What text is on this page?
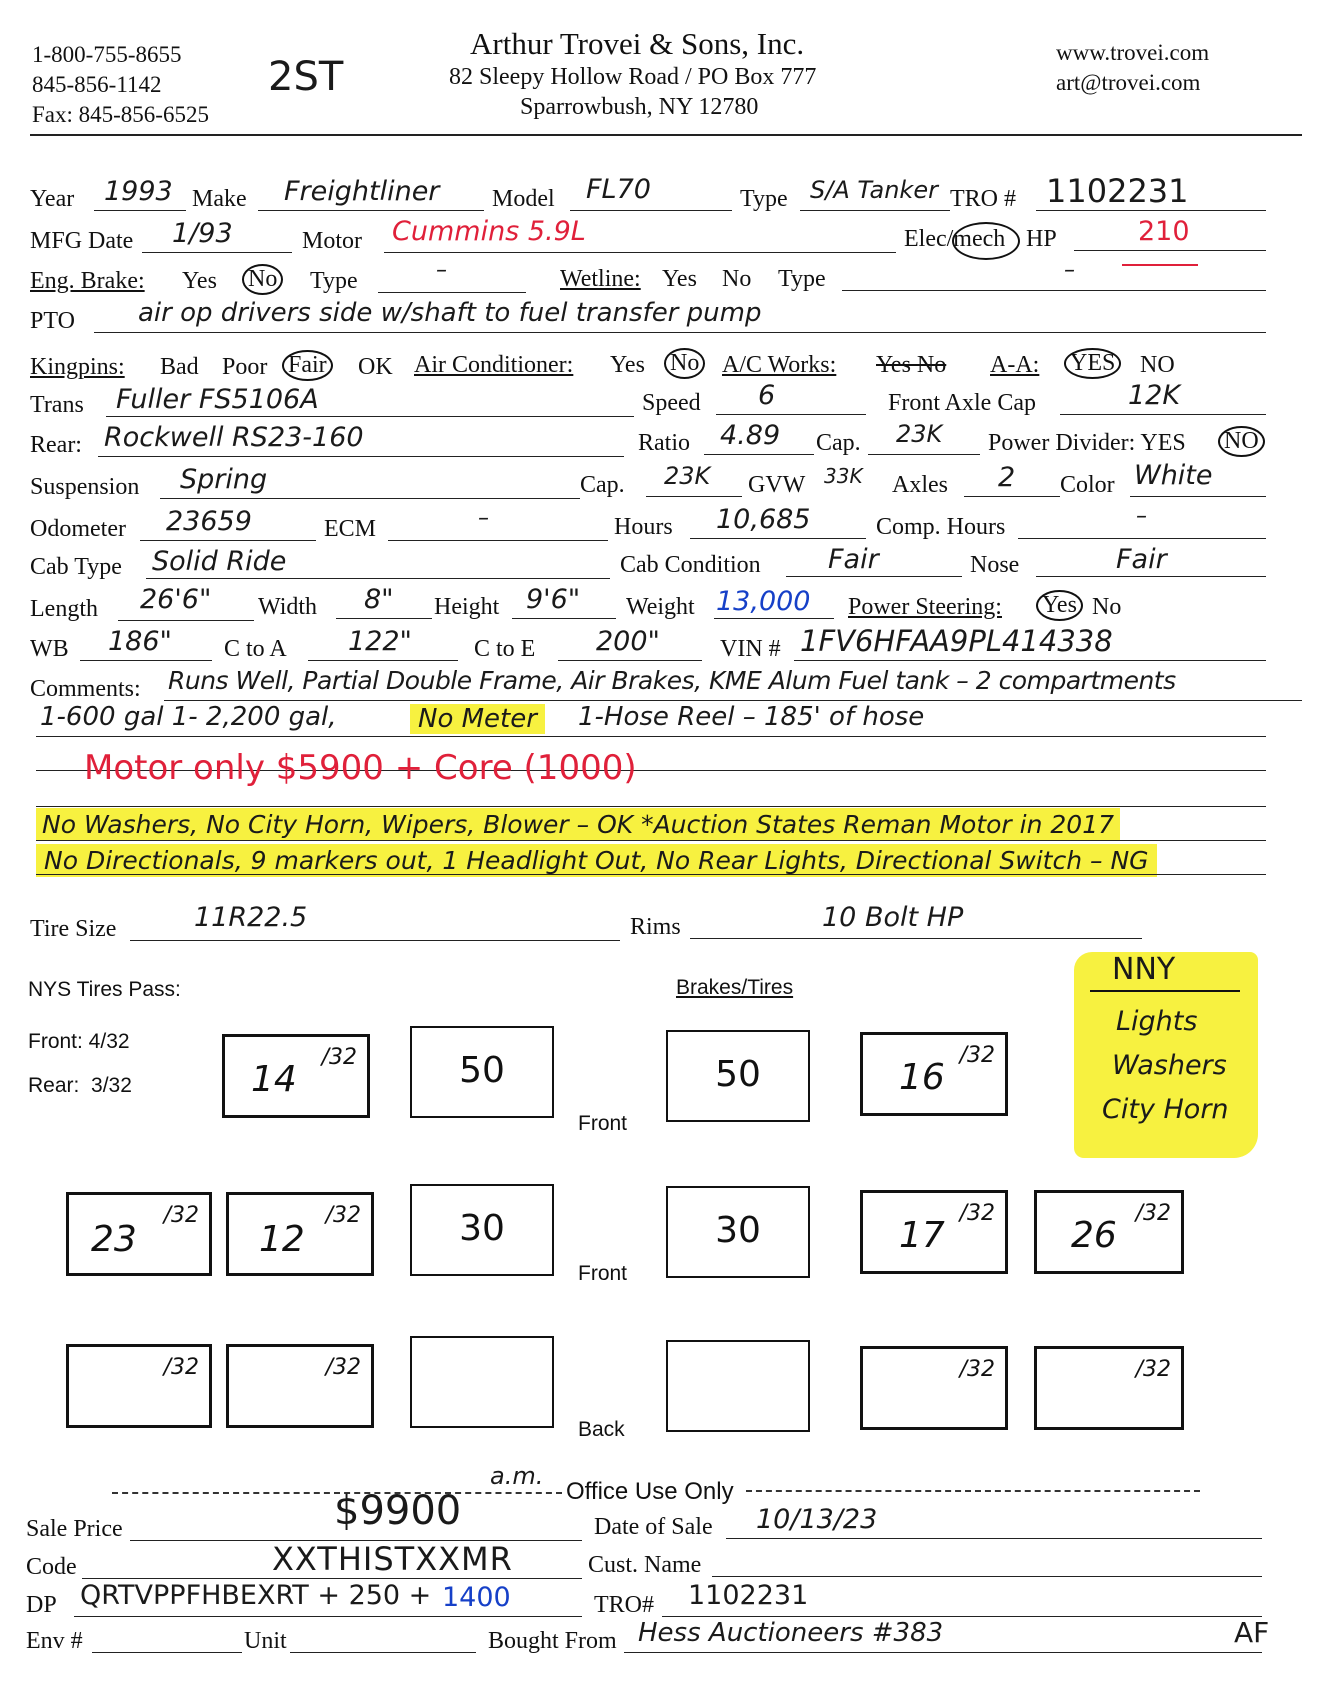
1-800-755-8655
845-856-1142
Fax: 845-856-6525
2ST
Arthur Trovei & Sons, Inc.
82 Sleepy Hollow Road / PO Box 777
Sparrowbush, NY 12780
www.trovei.com
art@trovei.com
Year 1993 Make Freightliner Model FL70	Type S/A Tanker TRO # 1102231
MFG Date 1/93	Motor Cummins 5.9L	Elec/mech HP	210
–
Eng. Brake: Yes No Type	–	Wetline: Yes No Type
PTO air op drivers side w/shaft to fuel transfer pump
Kingpins: Bad Poor Fair OK Air Conditioner: Yes No A/C Works: Yes No A-A: YES NO
Trans Fuller FS5106A	Speed 6	Front Axle Cap	12K
Rear: Rockwell RS23-160	Ratio 4.89 Cap. 23K Power Divider: YES NO
Suspension Spring	Cap. 23K GVW 33K Axles 2 Color White
Odometer 23659	ECM	–	Hours 10,685	Comp. Hours	–
Cab Type Solid Ride	Cab Condition Fair	Nose	Fair
Length 26'6" Width 8" Height 9'6" Weight 13,000 Power Steering: Yes No
WB 186" C to A 122"	C to E 200"	VIN # 1FV6HFAA9PL414338
Comments: Runs Well, Partial Double Frame, Air Brakes, KME Alum Fuel tank – 2 compartments
1-600 gal 1- 2,200 gal,	No Meter	1-Hose Reel – 185' of hose
Motor only $5900 + Core (1000)
No Washers, No City Horn, Wipers, Blower – OK *Auction States Reman Motor in 2017
No Directionals, 9 markers out, 1 Headlight Out, No Rear Lights, Directional Switch – NG
Tire Size	11R22.5	Rims	10 Bolt HP
NYS Tires Pass:
Front: 4/32
Rear:  3/32
Brakes/Tires
NNY
Lights
Washers
City Horn
/32
14	50	50	/32
16
Front
/32
23
/32
12	30	30	/32
17
/32
26
Front
/32	/32	/32	/32
Back
Office Use Only
a.m.
Sale Price	$9900	Date of Sale 10/13/23
Code	XXTHISTXXMR	Cust. Name
DP QRTVPPFHBEXRT + 250 + 1400	TRO# 1102231
Env #	Unit	Bought From Hess Auctioneers #383	AF
